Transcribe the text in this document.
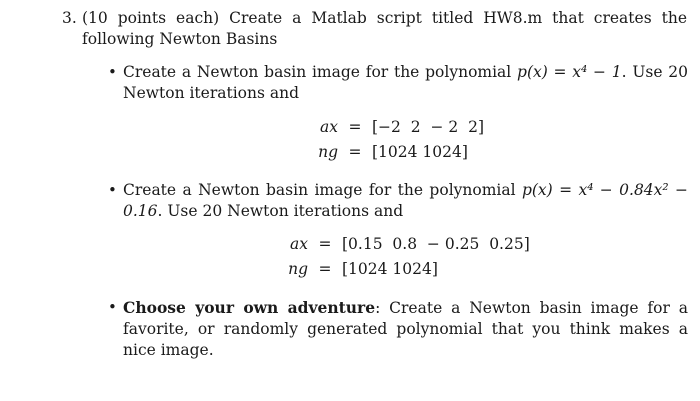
3. (10 points each) Create a Matlab script titled HW8.m that creates the following Newton Basins
• Create a Newton basin image for the polynomial p(x) = x⁴ − 1. Use 20 Newton iterations and
ax = [−2  2  − 2  2]
ng = [1024 1024]
• Create a Newton basin image for the polynomial p(x) = x⁴ − 0.84x² − 0.16. Use 20 Newton iterations and
ax = [0.15  0.8  − 0.25  0.25]
ng = [1024 1024]
• Choose your own adventure: Create a Newton basin image for a favorite, or randomly generated polynomial that you think makes a nice image.
